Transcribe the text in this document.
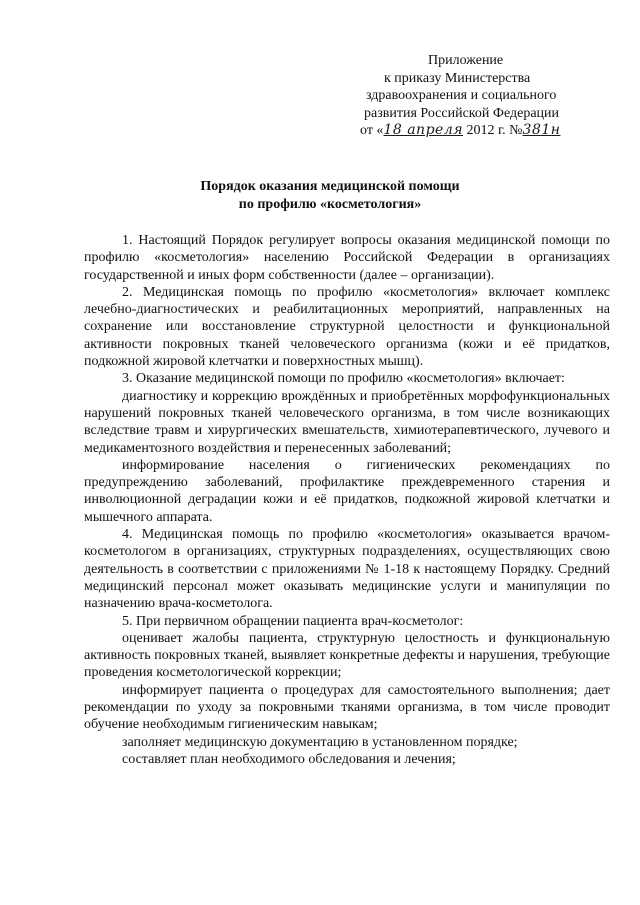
Приложение
к приказу Министерства
здравоохранения и социального
развития Российской Федерации
от «18 апреля 2012 г. №381н
Порядок оказания медицинской помощи
по профилю «косметология»

1. Настоящий Порядок регулирует вопросы оказания медицинской помощи по профилю «косметология» населению Российской Федерации в организациях государственной и иных форм собственности (далее – организации).

2. Медицинская помощь по профилю «косметология» включает комплекс лечебно-диагностических и реабилитационных мероприятий, направленных на сохранение или восстановление структурной целостности и функциональной активности покровных тканей человеческого организма (кожи и её придатков, подкожной жировой клетчатки и поверхностных мышц).

3. Оказание медицинской помощи по профилю «косметология» включает:

диагностику и коррекцию врождённых и приобретённых морфофункциональных нарушений покровных тканей человеческого организма, в том числе возникающих вследствие травм и хирургических вмешательств, химиотерапевтического, лучевого и медикаментозного воздействия и перенесенных заболеваний;

информирование населения о гигиенических рекомендациях по предупреждению заболеваний, профилактике преждевременного старения и инволюционной деградации кожи и её придатков, подкожной жировой клетчатки и мышечного аппарата.

4. Медицинская помощь по профилю «косметология» оказывается врачом-косметологом в организациях, структурных подразделениях, осуществляющих свою деятельность в соответствии с приложениями № 1-18 к настоящему Порядку. Средний медицинский персонал может оказывать медицинские услуги и манипуляции по назначению врача-косметолога.

5. При первичном обращении пациента врач-косметолог:

оценивает жалобы пациента, структурную целостность и функциональную активность покровных тканей, выявляет конкретные дефекты и нарушения, требующие проведения косметологической коррекции;

информирует пациента о процедурах для самостоятельного выполнения; дает рекомендации по уходу за покровными тканями организма, в том числе проводит обучение необходимым гигиеническим навыкам;

заполняет медицинскую документацию в установленном порядке;

составляет план необходимого обследования и лечения;
